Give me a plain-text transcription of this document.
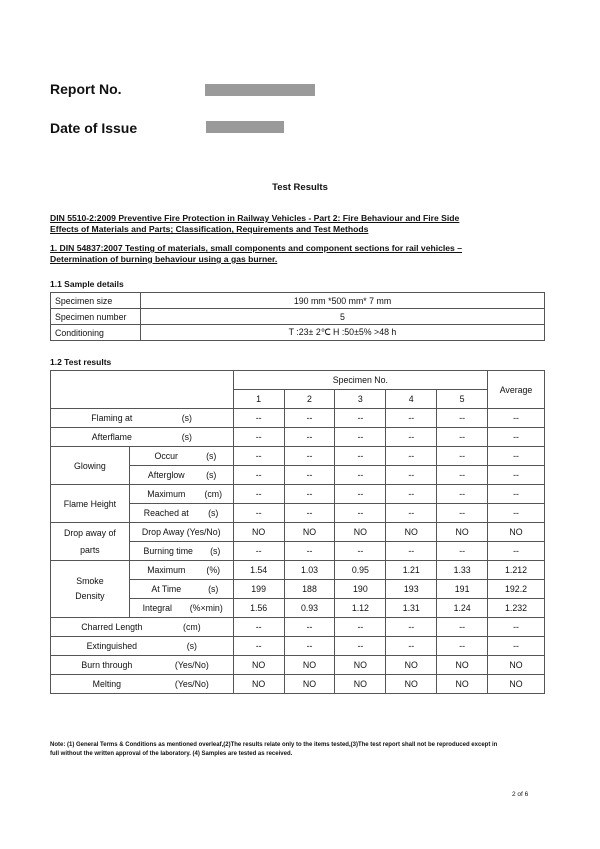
Report No.
Date of Issue
Test Results
DIN 5510-2:2009 Preventive Fire Protection in Railway Vehicles - Part 2: Fire Behaviour and Fire Side
Effects of Materials and Parts; Classification, Requirements and Test Methods
1. DIN 54837:2007 Testing of materials, small components and component sections for rail vehicles –
Determination of burning behaviour using a gas burner.
1.1 Sample details
Specimen size	190 mm *500 mm* 7 mm
Specimen number	5
Conditioning	T :23± 2℃ H :50±5% >48 h
1.2 Test results
		Specimen No.					Average
		1	2	3	4	5	
Flaming at (s)		--	--	--	--	--	--
Afterflame (s)		--	--	--	--	--	--
Glowing	Occur (s)	--	--	--	--	--	--
	Afterglow (s)	--	--	--	--	--	--
Flame Height	Maximum (cm)	--	--	--	--	--	--
	Reached at (s)	--	--	--	--	--	--

Drop away of
parts	Drop Away (Yes/No)	NO	NO	NO	NO	NO	NO
	Burning time (s)	--	--	--	--	--	--

Smoke
Density	Maximum (%)	1.54	1.03	0.95	1.21	1.33	1.212
	At Time (s)	199	188	190	193	191	192.2
	Integral (%×min)	1.56	0.93	1.12	1.31	1.24	1.232
Charred Length (cm)		--	--	--	--	--	--
Extinguished (s)		--	--	--	--	--	--
Burn through (Yes/No)		NO	NO	NO	NO	NO	NO
Melting (Yes/No)		NO	NO	NO	NO	NO	NO
Note: (1) General Terms & Conditions as mentioned overleaf,(2)The results relate only to the items tested,(3)The test report shall not be reproduced except in
full without the written approval of the laboratory. (4) Samples are tested as received.
2 of 6
